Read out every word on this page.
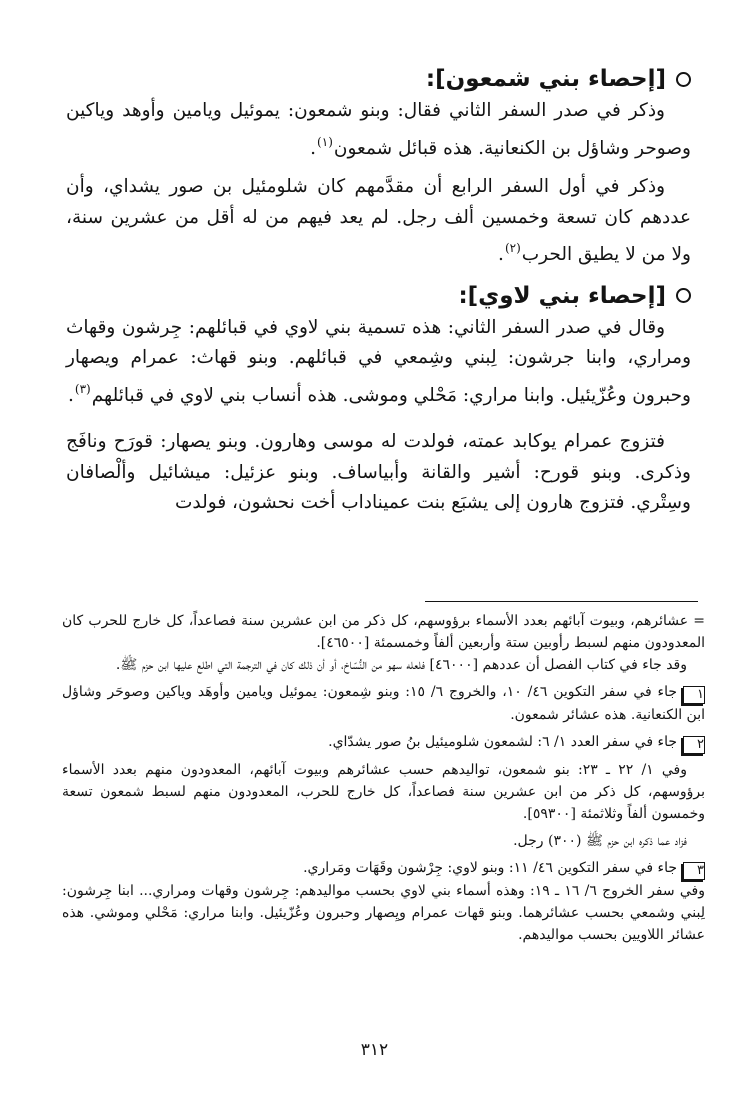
[إحصاء بني شمعون]:

وذكر في صدر السفر الثاني فقال: وبنو شمعون: يموئيل ويامين وأوهد وياكين وصوحر وشاؤل بن الكنعانية. هذه قبائل شمعون$^{(١)}$.

وذكر في أول السفر الرابع أن مقدَّمهم كان شلومئيل بن صور يشداي، وأن عددهم كان تسعة وخمسين ألف رجل. لم يعد فيهم من له أقل من عشرين سنة، ولا من لا يطيق الحرب$^{(٢)}$.

[إحصاء بني لاوي]:

وقال في صدر السفر الثاني: هذه تسمية بني لاوي في قبائلهم: جِرشون وقهاث ومراري، وابنا جرشون: لِبني وشِمعي في قبائلهم. وبنو قهاث: عمرام ويصهار وحبرون وعُزّيئيل. وابنا مراري: مَحْلي وموشى. هذه أنساب بني لاوي في قبائلهم$^{(٣)}$.

فتزوج عمرام يوكابد عمته، فولدت له موسى وهارون. وبنو يصهار: قورَح ونافَج وذكرى. وبنو قورح: أشير والقانة وأبياساف. وبنو عزئيل: ميشائيل وألْصافان وسِتْري. فتزوج هارون إلى يشبَع بنت عميناداب أخت نحشون، فولدت

= عشائرهم، وبيوت آبائهم بعدد الأسماء برؤوسهم، كل ذكر من ابن عشرين سنة فصاعداً، كل خارج للحرب كان المعدودون منهم لسبط رأوبين ستة وأربعين ألفاً وخمسمئة [٤٦٥٠٠].

وقد جاء في كتاب الفصل أن عددهم [٤٦٠٠٠] فلعله سهو من النُّسّاخ، أو أن ذلك كان في الترجمة التي اطلع عليها ابن حزم ﷺ.

١جاء في سفر التكوين ٤٦/ ١٠، والخروج ٦/ ١٥: وبنو شِمعون: يموئيل ويامين وأوهَد وياكين وصوحَر وشاؤل ابن الكنعانية. هذه عشائر شمعون.

٢جاء في سفر العدد ١/ ٦: لشمعون شلوميئيل بنُ صور يشدّاي.

وفي ١/ ٢٢ ـ ٢٣: بنو شمعون، تواليدهم حسب عشائرهم وبيوت آبائهم، المعدودون منهم بعدد الأسماء برؤوسهم، كل ذكر من ابن عشرين سنة فصاعداً، كل خارج للحرب، المعدودون منهم لسبط شمعون تسعة وخمسون ألفاً وثلاثمئة [٥٩٣٠٠].

فزاد عما ذكره ابن حزم ﷺ (٣٠٠) رجل.

٣جاء في سفر التكوين ٤٦/ ١١: وبنو لاوي: جِرْشون وقَهَات ومَراري.

وفي سفر الخروج ٦/ ١٦ ـ ١٩: وهذه أسماء بني لاوي بحسب مواليدهم: جِرشون وقهات ومراري... ابنا جِرشون: لِبني وشمعي بحسب عشائرهما. وبنو قهات عمرام ويِصهار وحبرون وعُزّيئيل. وابنا مراري: مَحْلي وموشي. هذه عشائر اللاويين بحسب مواليدهم.

٣١٢
